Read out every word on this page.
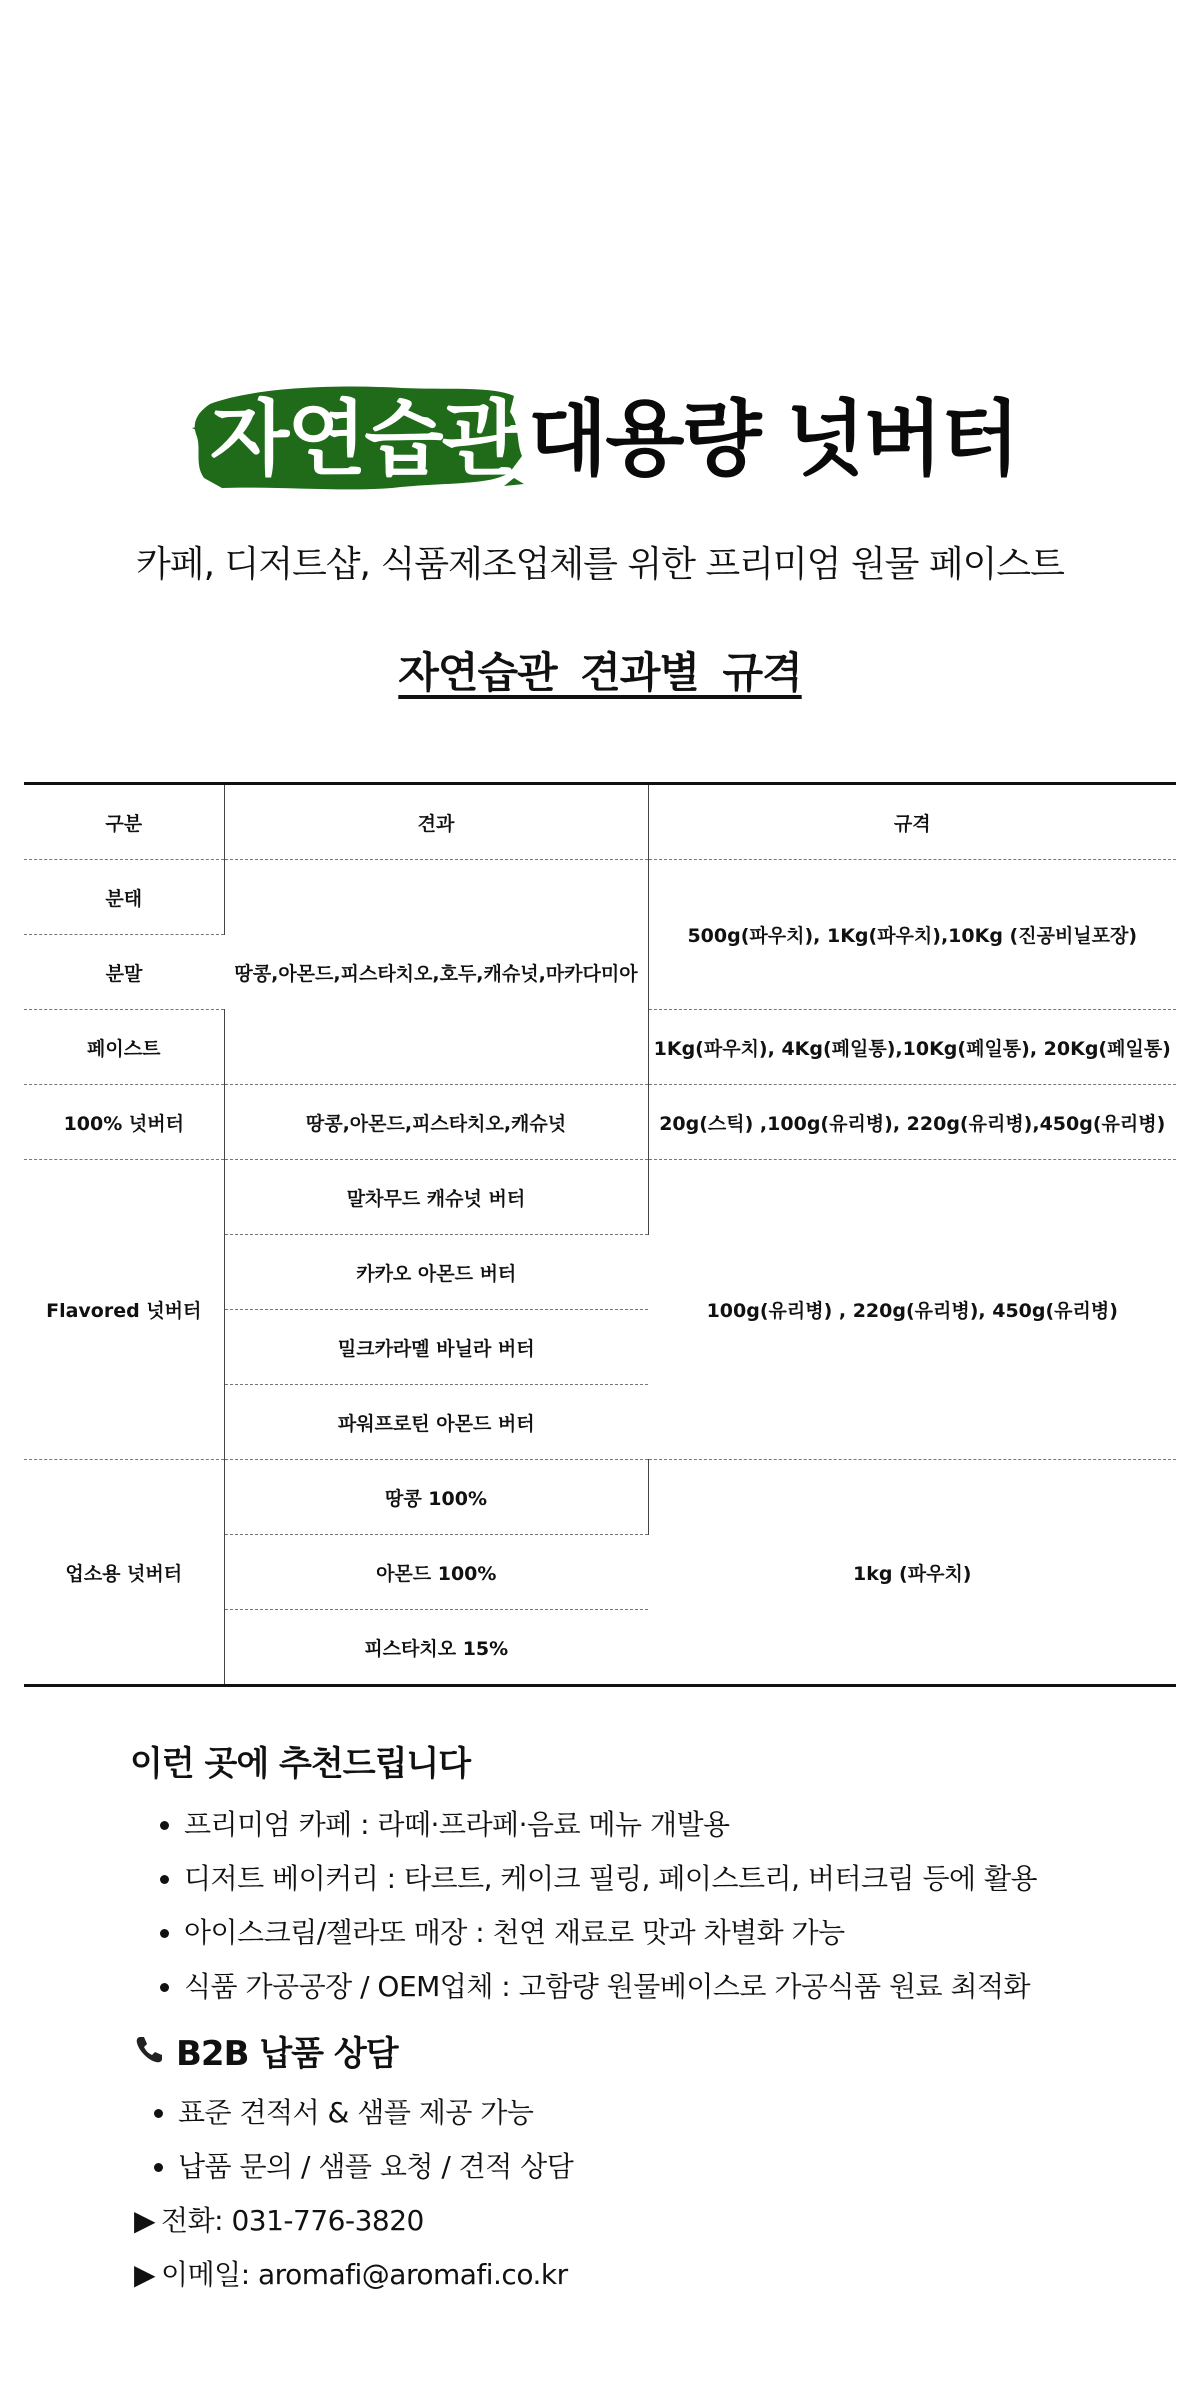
자연습관 대용량 넛버터
카페, 디저트샵, 식품제조업체를 위한 프리미엄 원물 페이스트
자연습관 견과별 규격
구분	견과	규격
분태	땅콩,아몬드,피스타치오,호두,캐슈넛,마카다미아	500g(파우치), 1Kg(파우치),10Kg (진공비닐포장)
분말		
페이스트		1Kg(파우치), 4Kg(페일통),10Kg(페일통), 20Kg(페일통)
100% 넛버터	땅콩,아몬드,피스타치오,캐슈넛	20g(스틱) ,100g(유리병), 220g(유리병),450g(유리병)
Flavored 넛버터	말차무드 캐슈넛 버터	100g(유리병) , 220g(유리병), 450g(유리병)
	카카오 아몬드 버터	
	밀크카라멜 바닐라 버터	
	파워프로틴 아몬드 버터	
업소용 넛버터	땅콩 100%	1kg (파우치)
	아몬드 100%	
	피스타치오 15%	
이런 곳에 추천드립니다
• 프리미엄 카페 : 라떼·프라페·음료 메뉴 개발용
• 디저트 베이커리 : 타르트, 케이크 필링, 페이스트리, 버터크림 등에 활용
• 아이스크림/젤라또 매장 : 천연 재료로 맛과 차별화 가능
• 식품 가공공장 / OEM업체 : 고함량 원물베이스로 가공식품 원료 최적화
B2B 납품 상담
• 표준 견적서 & 샘플 제공 가능
• 납품 문의 / 샘플 요청 / 견적 상담
▶ 전화: 031-776-3820
▶ 이메일: aromafi@aromafi.co.kr
